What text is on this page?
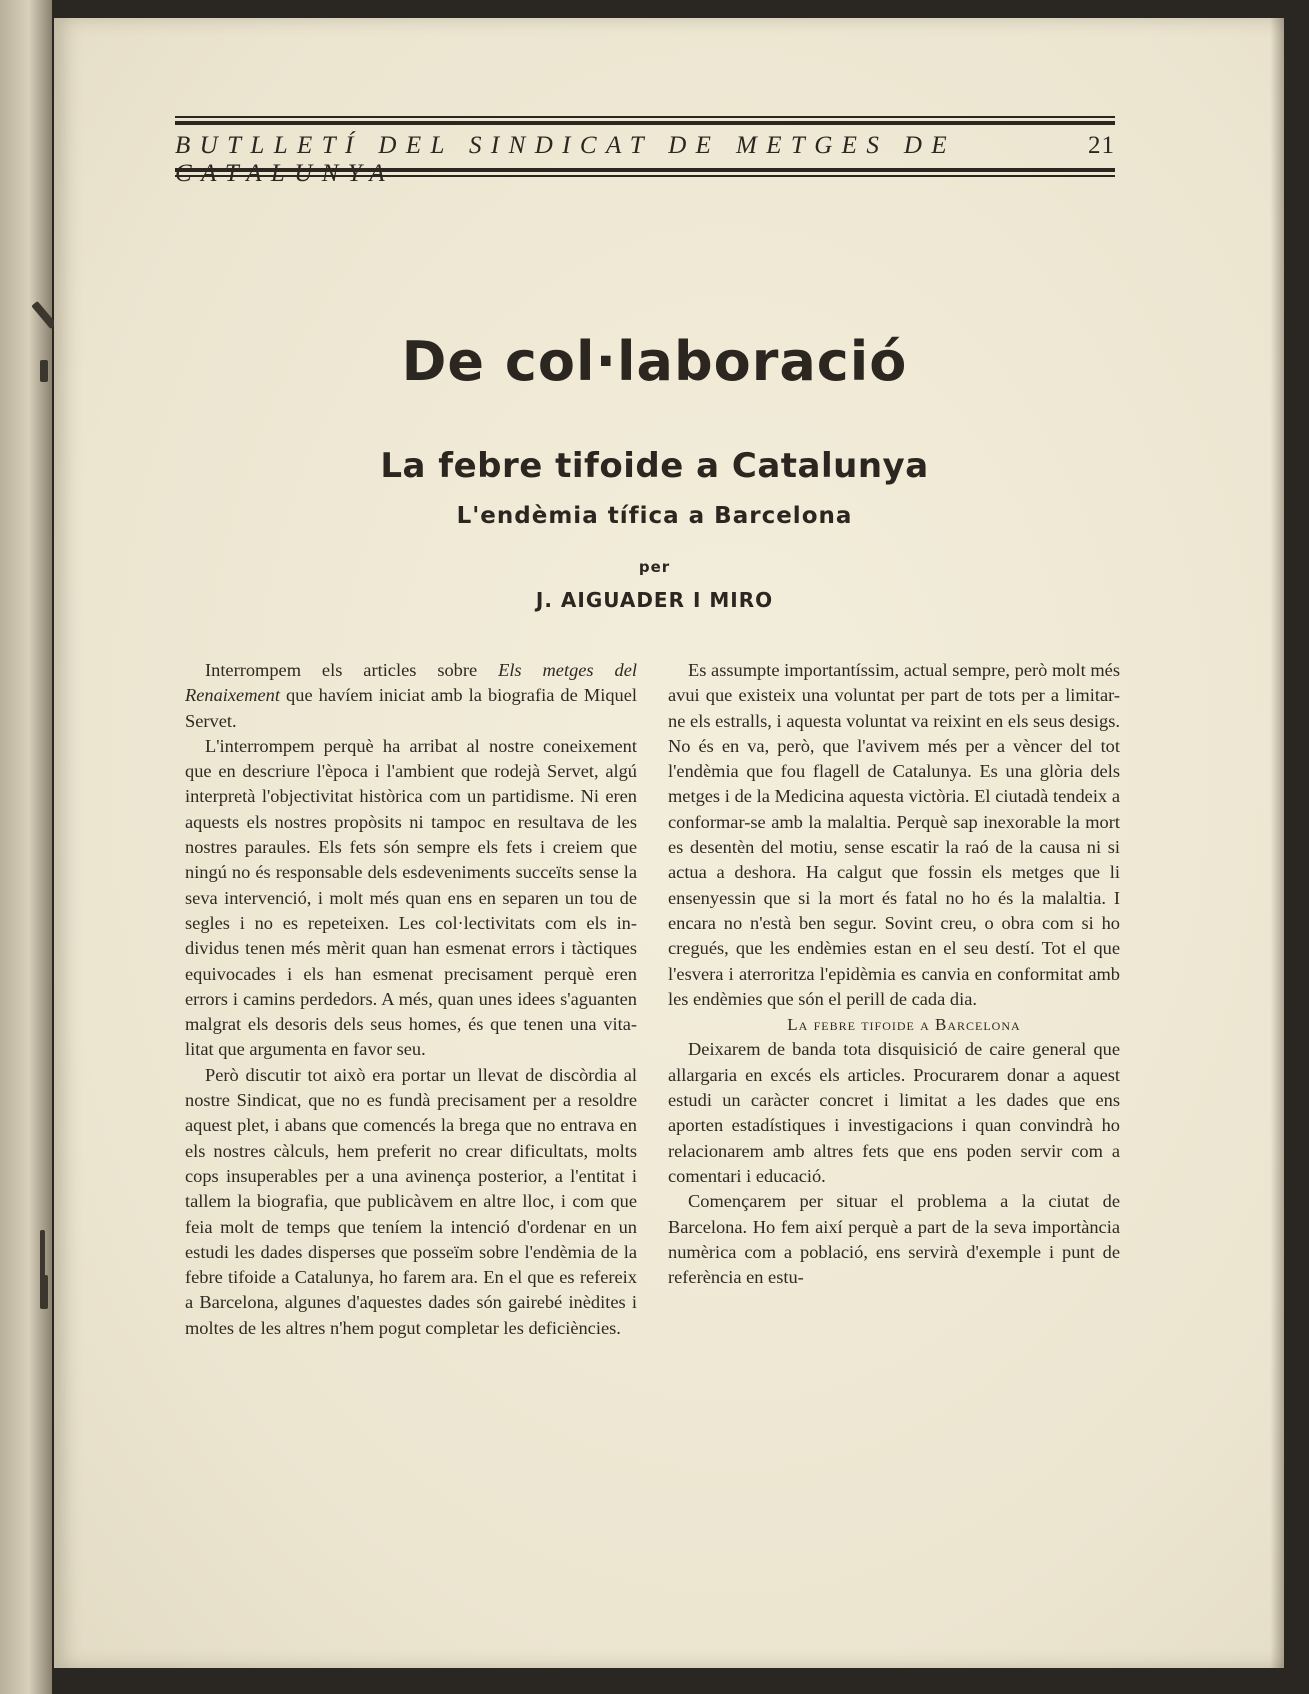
BUTLLETÍ DEL SINDICAT DE METGES DE CATALUNYA
21
De col·laboració
La febre tifoide a Catalunya
L'endèmia tífica a Barcelona
per
J. AIGUADER I MIRO

Interrompem els articles sobre Els metges del Renaixement que havíem iniciat amb la biografia de Miquel Servet.

L'interrompem perquè ha arribat al nostre coneixement que en descriure l'època i l'ambient que rodejà Servet, algú interpretà l'objectivitat històrica com un partidisme. Ni eren aquests els nostres propòsits ni tampoc en resultava de les nostres paraules. Els fets són sempre els fets i creiem que ningú no és responsable dels esdeveniments succeïts sense la seva intervenció, i molt més quan ens en separen un tou de segles i no es repeteixen. Les col·lectivitats com els individus tenen més mèrit quan han esmenat errors i tàctiques equivocades i els han esmenat precisament perquè eren errors i camins perdedors. A més, quan unes idees s'aguanten malgrat els desoris dels seus homes, és que tenen una vitalitat que argumenta en favor seu.

Però discutir tot això era portar un llevat de discòrdia al nostre Sindicat, que no es fundà precisament per a resoldre aquest plet, i abans que comencés la brega que no entrava en els nostres càlculs, hem preferit no crear dificultats, molts cops insuperables per a una avinença posterior, a l'entitat i tallem la biografia, que publicàvem en altre lloc, i com que feia molt de temps que teníem la intenció d'ordenar en un estudi les dades disperses que posseïm sobre l'endèmia de la febre tifoide a Catalunya, ho farem ara. En el que es refereix a Barcelona, algunes d'aquestes dades són gairebé inèdites i moltes de les altres n'hem pogut completar les deficiències.

Es assumpte importantíssim, actual sempre, però molt més avui que existeix una voluntat per part de tots per a limitar-ne els estralls, i aquesta voluntat va reixint en els seus desigs. No és en va, però, que l'avivem més per a vèncer del tot l'endèmia que fou flagell de Catalunya. Es una glòria dels metges i de la Medicina aquesta victòria. El ciutadà tendeix a conformar-se amb la malaltia. Perquè sap inexorable la mort es desentèn del motiu, sense escatir la raó de la causa ni si actua a deshora. Ha calgut que fossin els metges que li ensenyessin que si la mort és fatal no ho és la malaltia. I encara no n'està ben segur. Sovint creu, o obra com si ho cregués, que les endèmies estan en el seu destí. Tot el que l'esvera i aterroritza l'epidèmia es canvia en conformitat amb les endèmies que són el perill de cada dia.

La febre tifoide a Barcelona

Deixarem de banda tota disquisició de caire general que allargaria en excés els articles. Procurarem donar a aquest estudi un caràcter concret i limitat a les dades que ens aporten estadístiques i investigacions i quan convindrà ho relacionarem amb altres fets que ens poden servir com a comentari i educació.

Començarem per situar el problema a la ciutat de Barcelona. Ho fem així perquè a part de la seva importància numèrica com a població, ens servirà d'exemple i punt de referència en estu-
